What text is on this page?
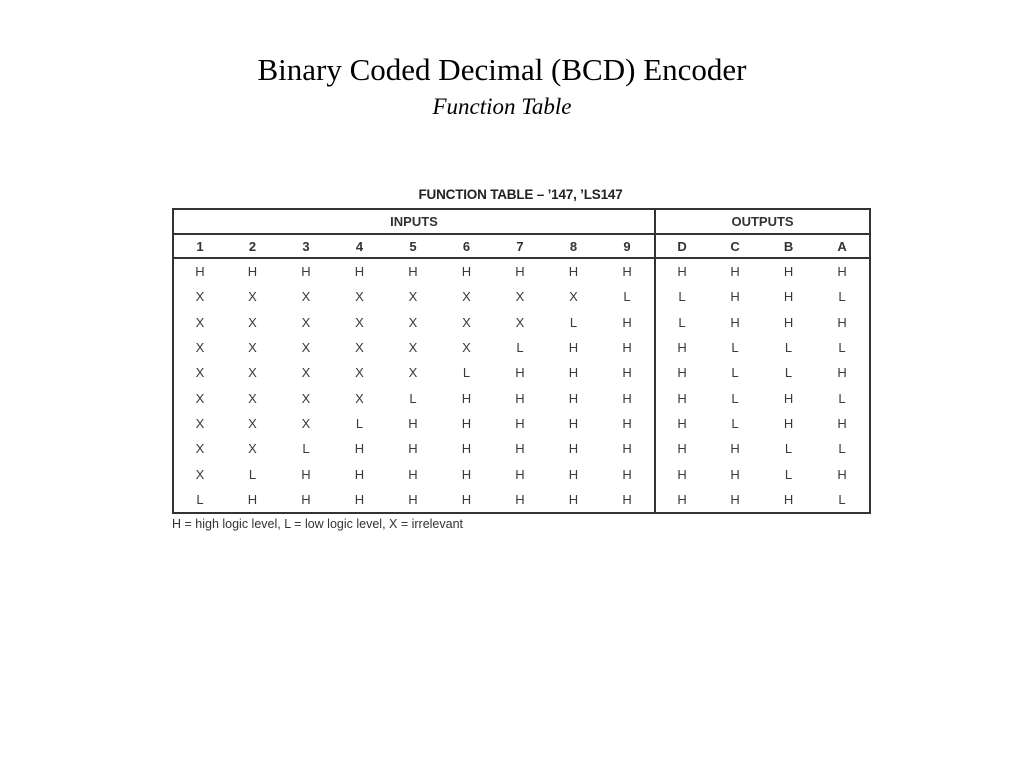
Binary Coded Decimal (BCD) Encoder
Function Table
FUNCTION TABLE – ’147, ’LS147
INPUTS									OUTPUTS			
1	2	3	4	5	6	7	8	9	D	C	B	A
H	H	H	H	H	H	H	H	H	H	H	H	H
X	X	X	X	X	X	X	X	L	L	H	H	L
X	X	X	X	X	X	X	L	H	L	H	H	H
X	X	X	X	X	X	L	H	H	H	L	L	L
X	X	X	X	X	L	H	H	H	H	L	L	H
X	X	X	X	L	H	H	H	H	H	L	H	L
X	X	X	L	H	H	H	H	H	H	L	H	H
X	X	L	H	H	H	H	H	H	H	H	L	L
X	L	H	H	H	H	H	H	H	H	H	L	H
L	H	H	H	H	H	H	H	H	H	H	H	L
H = high logic level, L = low logic level, X = irrelevant
